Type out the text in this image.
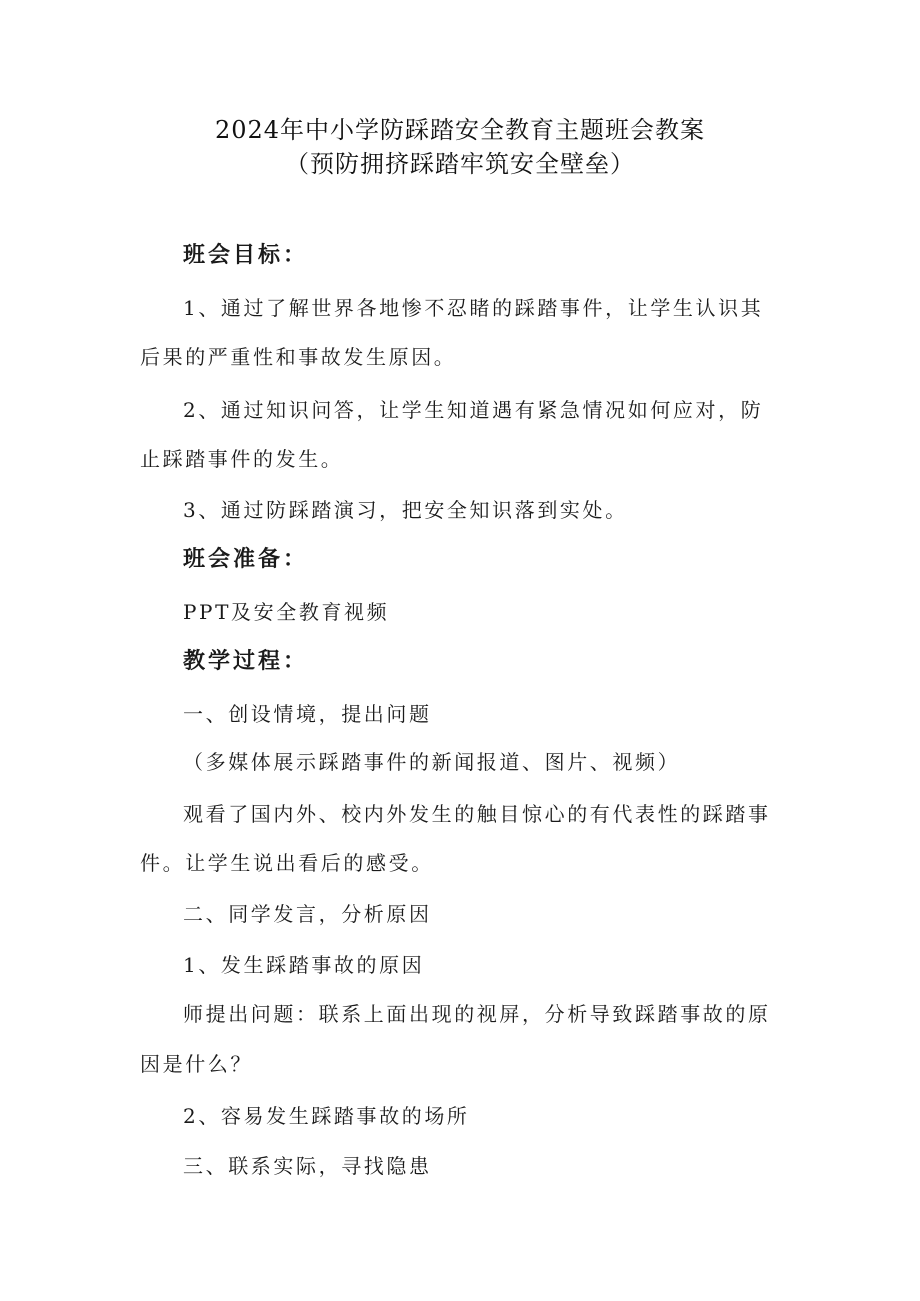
2024年中小学防踩踏安全教育主题班会教案
（预防拥挤踩踏牢筑安全壁垒）
班会目标：
1、通过了解世界各地惨不忍睹的踩踏事件，让学生认识其
后果的严重性和事故发生原因。
2、通过知识问答，让学生知道遇有紧急情况如何应对，防
止踩踏事件的发生。
3、通过防踩踏演习，把安全知识落到实处。
班会准备：
PPT及安全教育视频
教学过程：
一、创设情境，提出问题
（多媒体展示踩踏事件的新闻报道、图片、视频）
观看了国内外、校内外发生的触目惊心的有代表性的踩踏事
件。让学生说出看后的感受。
二、同学发言，分析原因
1、发生踩踏事故的原因
师提出问题：联系上面出现的视屏，分析导致踩踏事故的原
因是什么？
2、容易发生踩踏事故的场所
三、联系实际，寻找隐患
